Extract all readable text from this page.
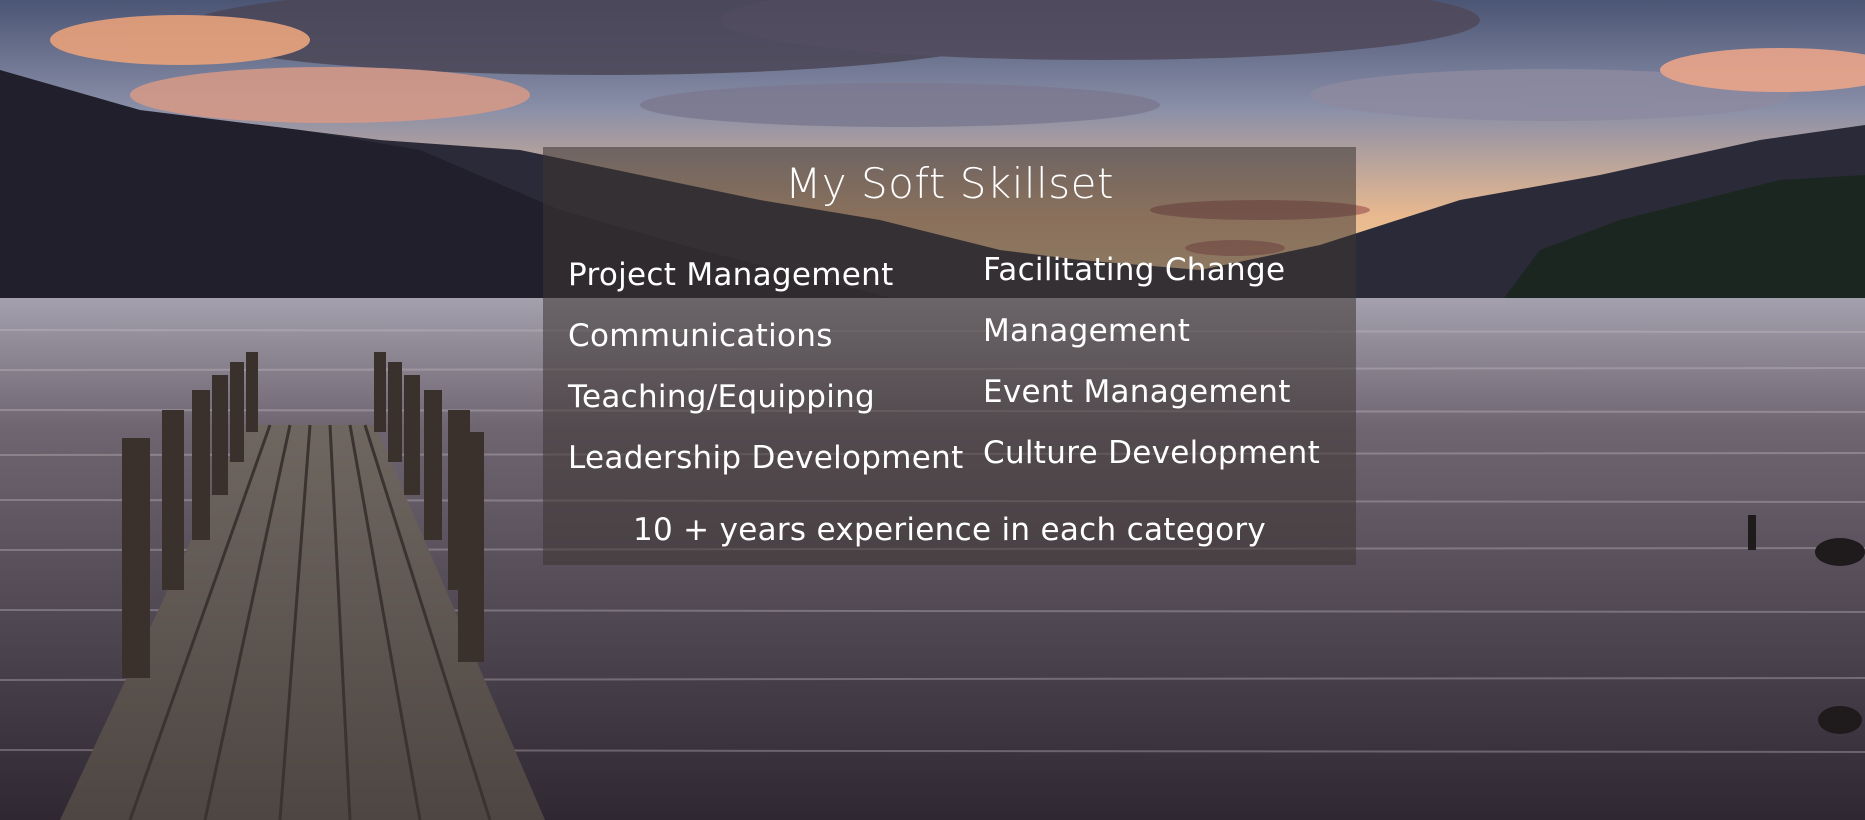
My Soft Skillset
Project Management
Communications
Teaching/Equipping
Leadership Development
Facilitating Change
Management
Event Management
Culture Development
10 + years experience in each category
